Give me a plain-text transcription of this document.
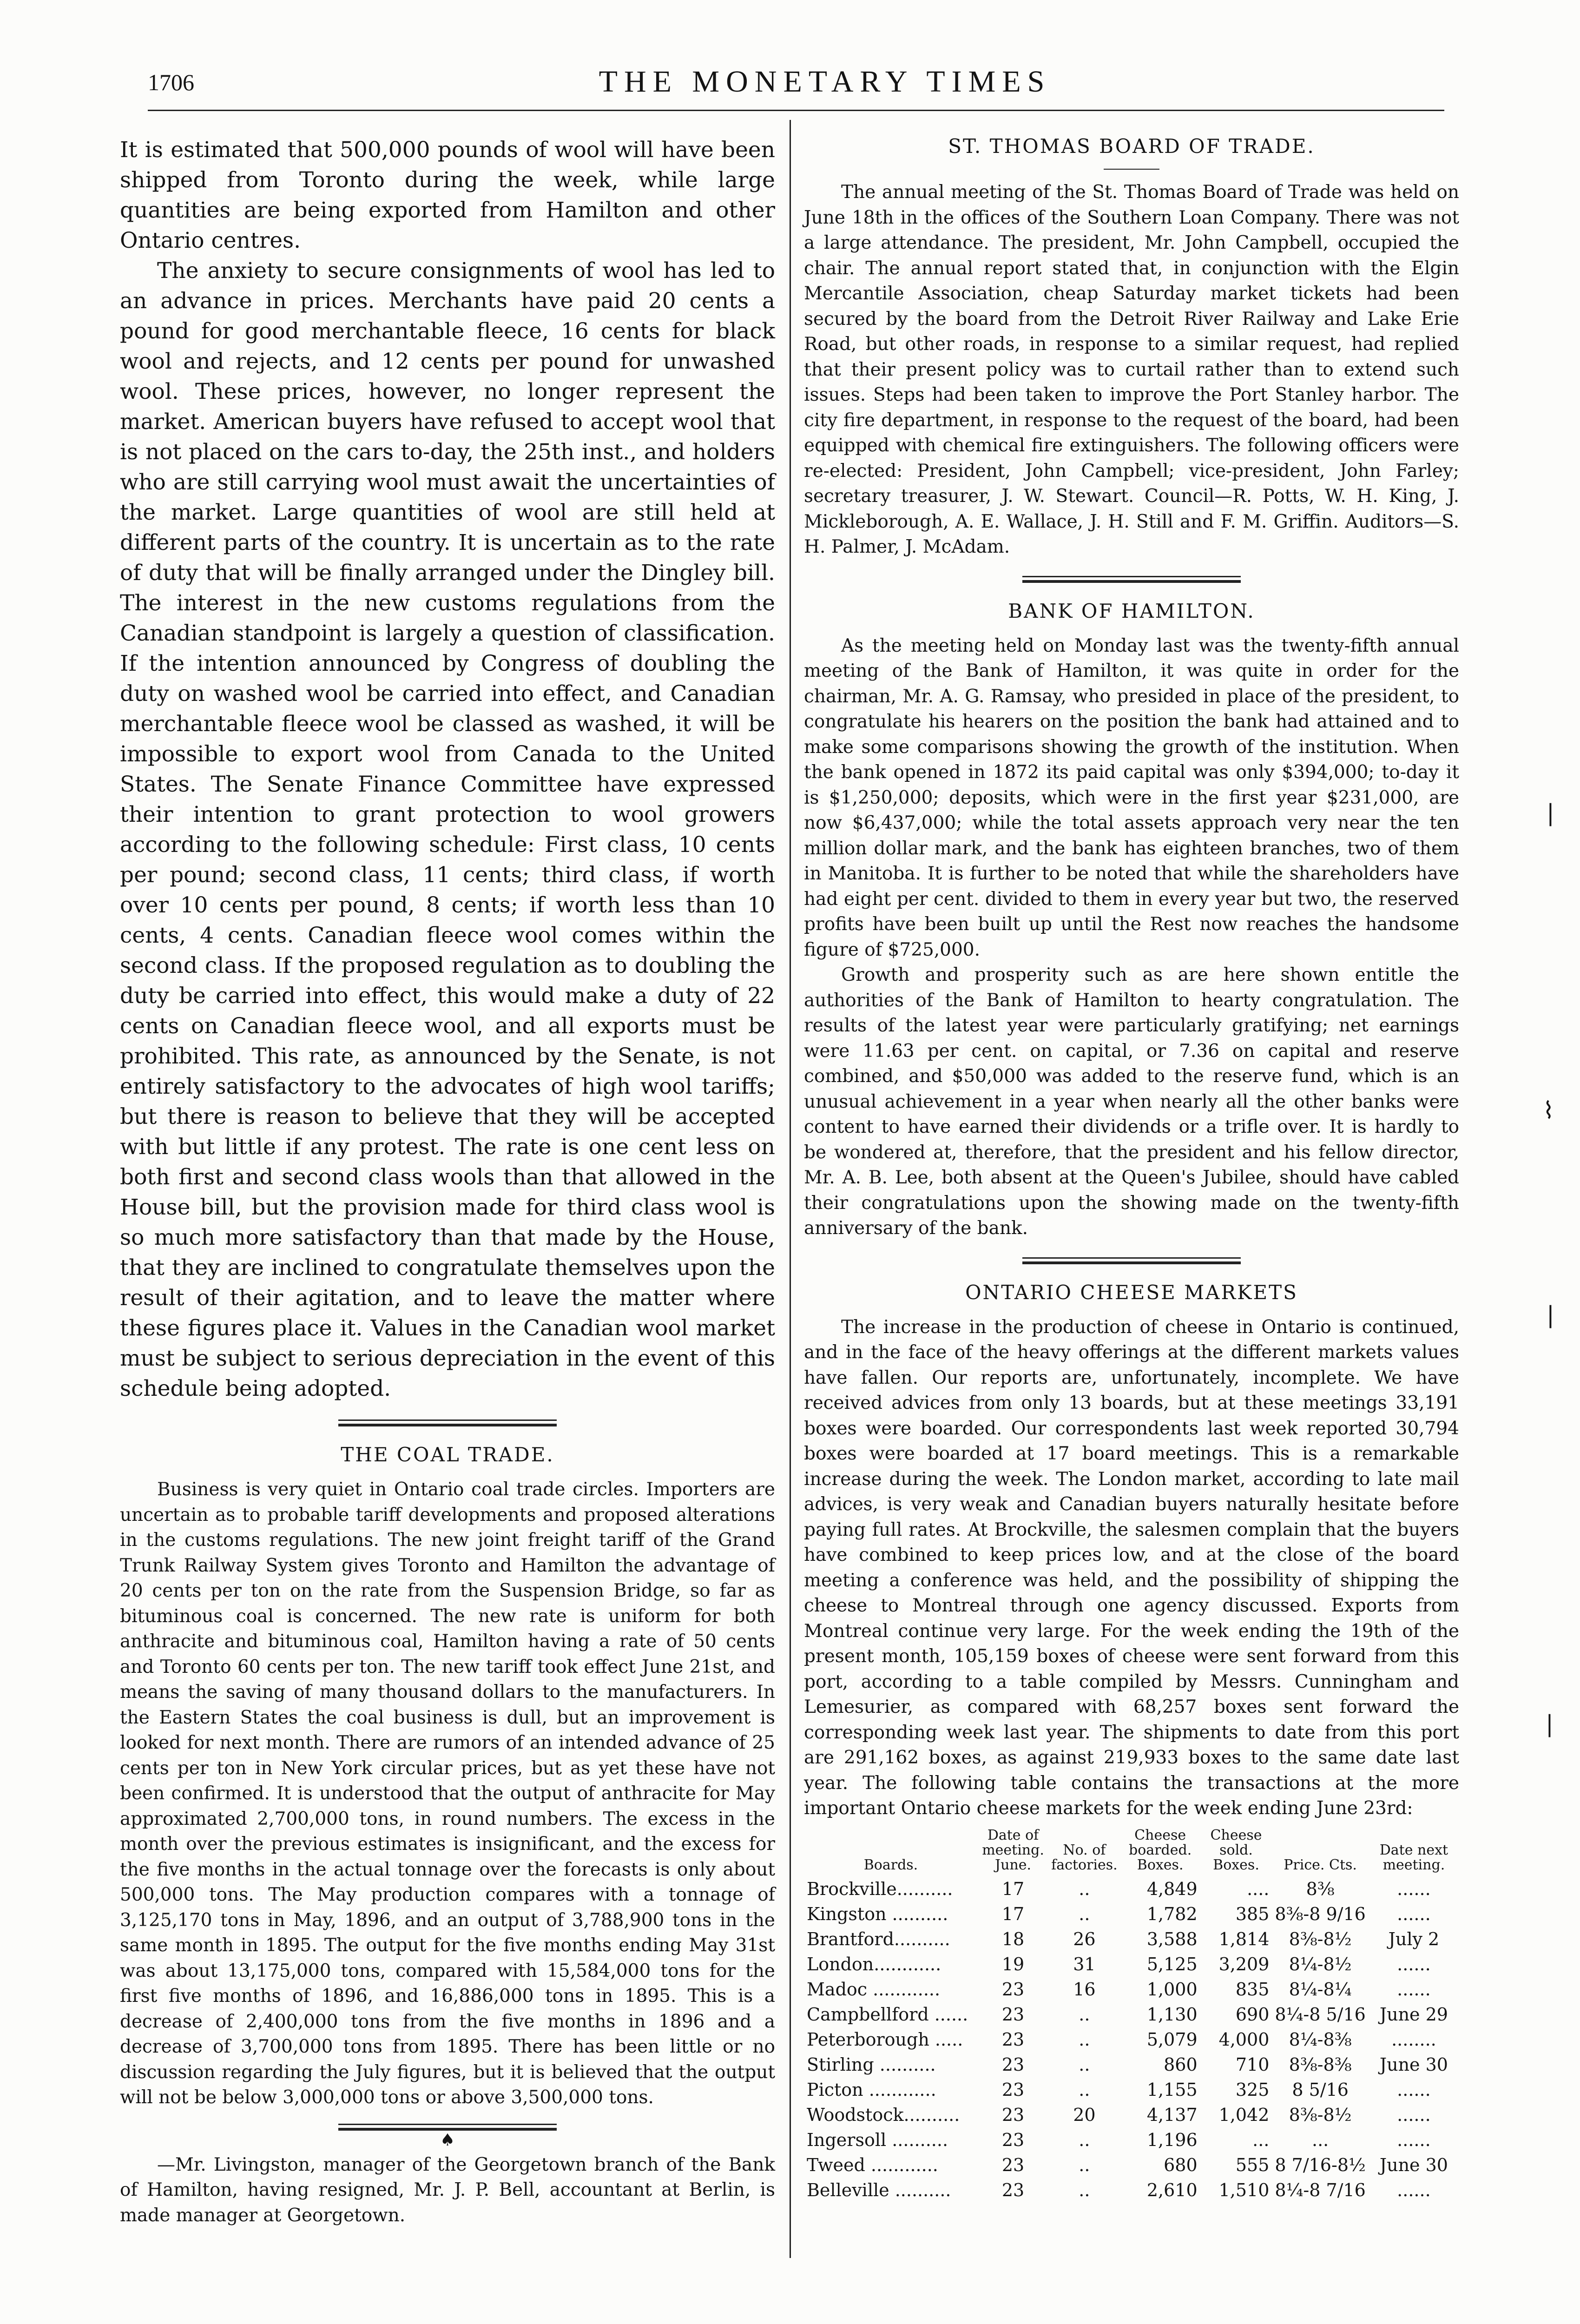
1706	THE MONETARY TIMES
|
⌇
|
|

It is estimated that 500,000 pounds of wool will have been shipped from Toronto during the week, while large quantities are being exported from Hamilton and other Ontario centres.

The anxiety to secure consignments of wool has led to an advance in prices. Merchants have paid 20 cents a pound for good merchantable fleece, 16 cents for black wool and rejects, and 12 cents per pound for unwashed wool. These prices, however, no longer represent the market. American buyers have refused to accept wool that is not placed on the cars to-day, the 25th inst., and holders who are still carrying wool must await the uncertainties of the market. Large quantities of wool are still held at different parts of the country. It is uncertain as to the rate of duty that will be finally arranged under the Dingley bill. The interest in the new customs regulations from the Canadian standpoint is largely a question of classification. If the intention announced by Congress of doubling the duty on washed wool be carried into effect, and Canadian merchantable fleece wool be classed as washed, it will be impossible to export wool from Canada to the United States. The Senate Finance Committee have expressed their intention to grant protection to wool growers according to the following schedule: First class, 10 cents per pound; second class, 11 cents; third class, if worth over 10 cents per pound, 8 cents; if worth less than 10 cents, 4 cents. Canadian fleece wool comes within the second class. If the proposed regulation as to doubling the duty be carried into effect, this would make a duty of 22 cents on Canadian fleece wool, and all exports must be prohibited. This rate, as announced by the Senate, is not entirely satisfactory to the advocates of high wool tariffs; but there is reason to believe that they will be accepted with but little if any protest. The rate is one cent less on both first and second class wools than that allowed in the House bill, but the provision made for third class wool is so much more satisfactory than that made by the House, that they are inclined to congratulate themselves upon the result of their agitation, and to leave the matter where these figures place it. Values in the Canadian wool market must be subject to serious depreciation in the event of this schedule being adopted.

THE COAL TRADE.

Business is very quiet in Ontario coal trade circles. Importers are uncertain as to probable tariff developments and proposed alterations in the customs regulations. The new joint freight tariff of the Grand Trunk Railway System gives Toronto and Hamilton the advantage of 20 cents per ton on the rate from the Suspension Bridge, so far as bituminous coal is concerned. The new rate is uniform for both anthracite and bituminous coal, Hamilton having a rate of 50 cents and Toronto 60 cents per ton. The new tariff took effect June 21st, and means the saving of many thousand dollars to the manufacturers. In the Eastern States the coal business is dull, but an improvement is looked for next month. There are rumors of an intended advance of 25 cents per ton in New York circular prices, but as yet these have not been confirmed. It is understood that the output of anthracite for May approximated 2,700,000 tons, in round numbers. The excess in the month over the previous estimates is insignificant, and the excess for the five months in the actual tonnage over the forecasts is only about 500,000 tons. The May production compares with a tonnage of 3,125,170 tons in May, 1896, and an output of 3,788,900 tons in the same month in 1895. The output for the five months ending May 31st was about 13,175,000 tons, compared with 15,584,000 tons for the first five months of 1896, and 16,886,000 tons in 1895. This is a decrease of 2,400,000 tons from the five months in 1896 and a decrease of 3,700,000 tons from 1895. There has been little or no discussion regarding the July figures, but it is believed that the output will not be below 3,000,000 tons or above 3,500,000 tons.

♠

—Mr. Livingston, manager of the Georgetown branch of the Bank of Hamilton, having resigned, Mr. J. P. Bell, accountant at Berlin, is made manager at Georgetown.

ST. THOMAS BOARD OF TRADE.

The annual meeting of the St. Thomas Board of Trade was held on June 18th in the offices of the Southern Loan Company. There was not a large attendance. The president, Mr. John Campbell, occupied the chair. The annual report stated that, in conjunction with the Elgin Mercantile Association, cheap Saturday market tickets had been secured by the board from the Detroit River Railway and Lake Erie Road, but other roads, in response to a similar request, had replied that their present policy was to curtail rather than to extend such issues. Steps had been taken to improve the Port Stanley harbor. The city fire department, in response to the request of the board, had been equipped with chemical fire extinguishers. The following officers were re-elected: President, John Campbell; vice-president, John Farley; secretary treasurer, J. W. Stewart. Council—R. Potts, W. H. King, J. Mickleborough, A. E. Wallace, J. H. Still and F. M. Griffin. Auditors—S. H. Palmer, J. McAdam.

BANK OF HAMILTON.

As the meeting held on Monday last was the twenty-fifth annual meeting of the Bank of Hamilton, it was quite in order for the chairman, Mr. A. G. Ramsay, who presided in place of the president, to congratulate his hearers on the position the bank had attained and to make some comparisons showing the growth of the institution. When the bank opened in 1872 its paid capital was only $394,000; to-day it is $1,250,000; deposits, which were in the first year $231,000, are now $6,437,000; while the total assets approach very near the ten million dollar mark, and the bank has eighteen branches, two of them in Manitoba. It is further to be noted that while the shareholders have had eight per cent. divided to them in every year but two, the reserved profits have been built up until the Rest now reaches the handsome figure of $725,000.

Growth and prosperity such as are here shown entitle the authorities of the Bank of Hamilton to hearty congratulation. The results of the latest year were particularly gratifying; net earnings were 11.63 per cent. on capital, or 7.36 on capital and reserve combined, and $50,000 was added to the reserve fund, which is an unusual achievement in a year when nearly all the other banks were content to have earned their dividends or a trifle over. It is hardly to be wondered at, therefore, that the president and his fellow director, Mr. A. B. Lee, both absent at the Queen's Jubilee, should have cabled their congratulations upon the showing made on the twenty-fifth anniversary of the bank.

ONTARIO CHEESE MARKETS

The increase in the production of cheese in Ontario is continued, and in the face of the heavy offerings at the different markets values have fallen. Our reports are, unfortunately, incomplete. We have received advices from only 13 boards, but at these meetings 33,191 boxes were boarded. Our correspondents last week reported 30,794 boxes were boarded at 17 board meetings. This is a remarkable increase during the week. The London market, according to late mail advices, is very weak and Canadian buyers naturally hesitate before paying full rates. At Brockville, the salesmen complain that the buyers have combined to keep prices low, and at the close of the board meeting a conference was held, and the possibility of shipping the cheese to Montreal through one agency discussed. Exports from Montreal continue very large. For the week ending the 19th of the present month, 105,159 boxes of cheese were sent forward from this port, according to a table compiled by Messrs. Cunningham and Lemesurier, as compared with 68,257 boxes sent forward the corresponding week last year. The shipments to date from this port are 291,162 boxes, as against 219,933 boxes to the same date last year. The following table contains the transactions at the more important Ontario cheese markets for the week ending June 23rd:

Boards.	Date of meeting. June.	No. of factories.	Cheese boarded. Boxes.	Cheese sold. Boxes.	Price. Cts.	Date next meeting.
Brockville..........	17	..	4,849	....	8⅜	......
Kingston ..........	17	..	1,782	385	8⅜-8 9/16	......
Brantford..........	18	26	3,588	1,814	8⅜-8½	July 2
London............	19	31	5,125	3,209	8¼-8½	......
Madoc ............	23	16	1,000	835	8¼-8¼	......
Campbellford ......	23	..	1,130	690	8¼-8 5/16	June 29
Peterborough .....	23	..	5,079	4,000	8¼-8⅜	........
Stirling ..........	23	..	860	710	8⅜-8⅜	June 30
Picton ............	23	..	1,155	325	8 5/16	......
Woodstock..........	23	20	4,137	1,042	8⅜-8½	......
Ingersoll ..........	23	..	1,196	...	...	......
Tweed ............	23	..	680	555	8 7/16-8½	June 30
Belleville ..........	23	..	2,610	1,510	8¼-8 7/16	......
